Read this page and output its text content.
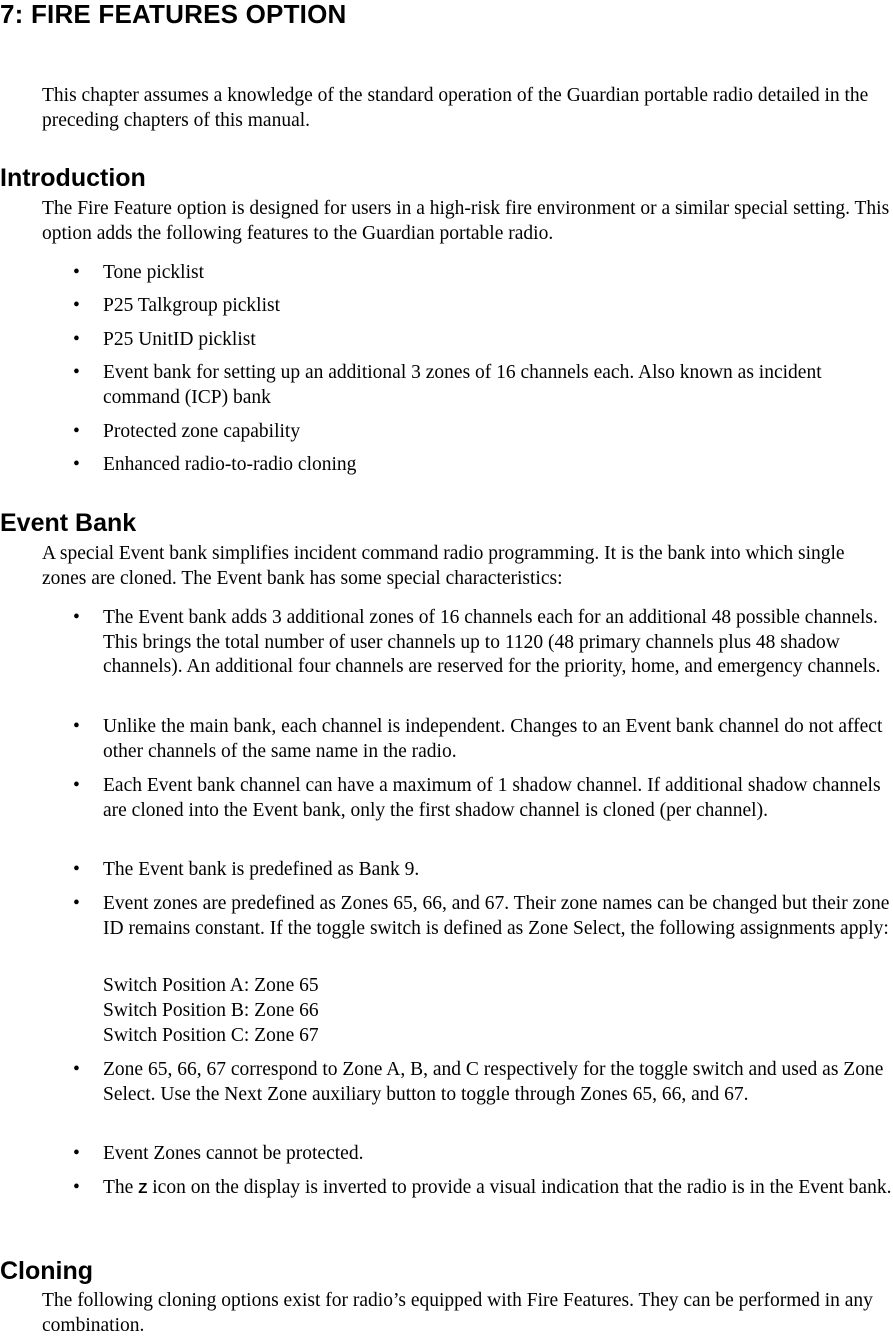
7: FIRE FEATURES OPTION

This chapter assumes a knowledge of the standard operation of the Guardian portable radio detailed in the preceding chapters of this manual.

Introduction

The Fire Feature option is designed for users in a high-risk fire environment or a similar special setting. This option adds the following features to the Guardian portable radio.

• Tone picklist

• P25 Talkgroup picklist

• P25 UnitID picklist

• Event bank for setting up an additional 3 zones of 16 channels each. Also known as incident command (ICP) bank

• Protected zone capability

• Enhanced radio-to-radio cloning

Event Bank

A special Event bank simplifies incident command radio programming. It is the bank into which single zones are cloned. The Event bank has some special characteristics:

• The Event bank adds 3 additional zones of 16 channels each for an additional 48 possible channels. This brings the total number of user channels up to 1120 (48 primary channels plus 48 shadow channels). An additional four channels are reserved for the priority, home, and emergency channels.

• Unlike the main bank, each channel is independent. Changes to an Event bank channel do not affect other channels of the same name in the radio.

• Each Event bank channel can have a maximum of 1 shadow channel. If additional shadow channels are cloned into the Event bank, only the first shadow channel is cloned (per channel).

• The Event bank is predefined as Bank 9.

• Event zones are predefined as Zones 65, 66, and 67. Their zone names can be changed but their zone ID remains constant. If the toggle switch is defined as Zone Select, the following assignments apply:

Switch Position A: Zone 65

Switch Position B: Zone 66

Switch Position C: Zone 67

• Zone 65, 66, 67 correspond to Zone A, B, and C respectively for the toggle switch and used as Zone Select. Use the Next Zone auxiliary button to toggle through Zones 65, 66, and 67.

• Event Zones cannot be protected.

• The Z icon on the display is inverted to provide a visual indication that the radio is in the Event bank.

Cloning

The following cloning options exist for radio’s equipped with Fire Features. They can be performed in any combination.
